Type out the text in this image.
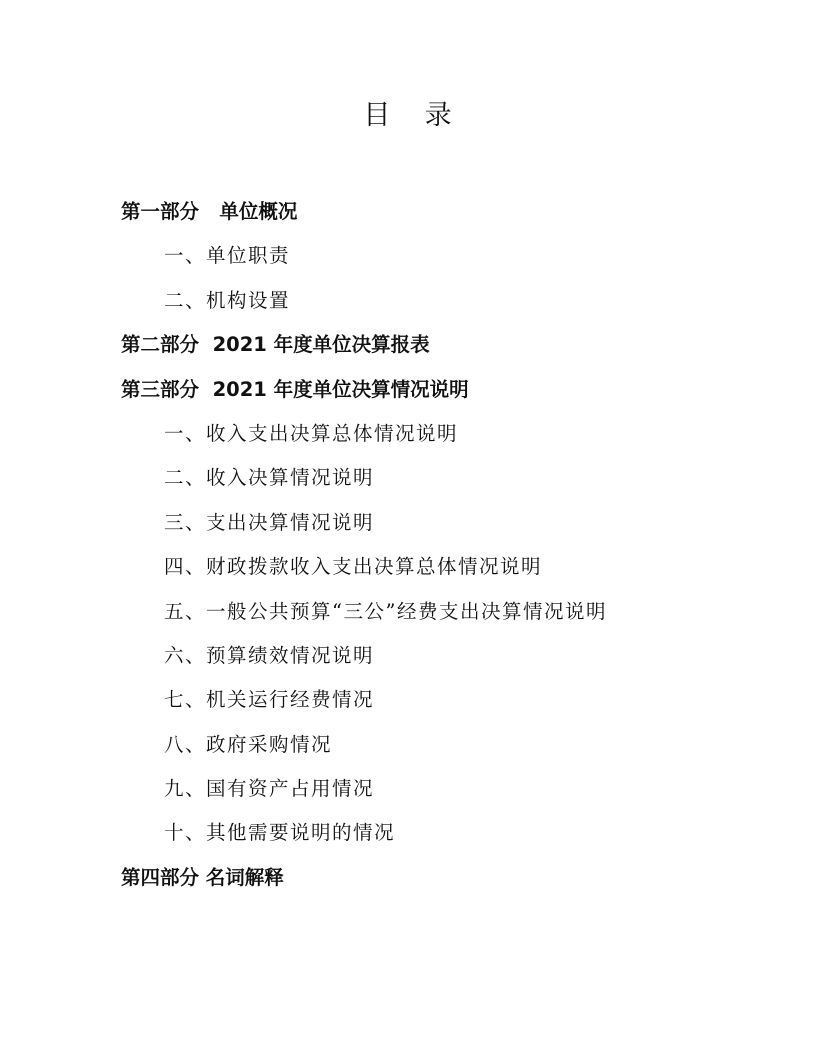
目    录
第一部分   单位概况
一、单位职责
二、机构设置
第二部分  2021 年度单位决算报表
第三部分  2021 年度单位决算情况说明
一、收入支出决算总体情况说明
二、收入决算情况说明
三、支出决算情况说明
四、财政拨款收入支出决算总体情况说明
五、一般公共预算“三公”经费支出决算情况说明
六、预算绩效情况说明
七、机关运行经费情况
八、政府采购情况
九、国有资产占用情况
十、其他需要说明的情况
第四部分 名词解释
